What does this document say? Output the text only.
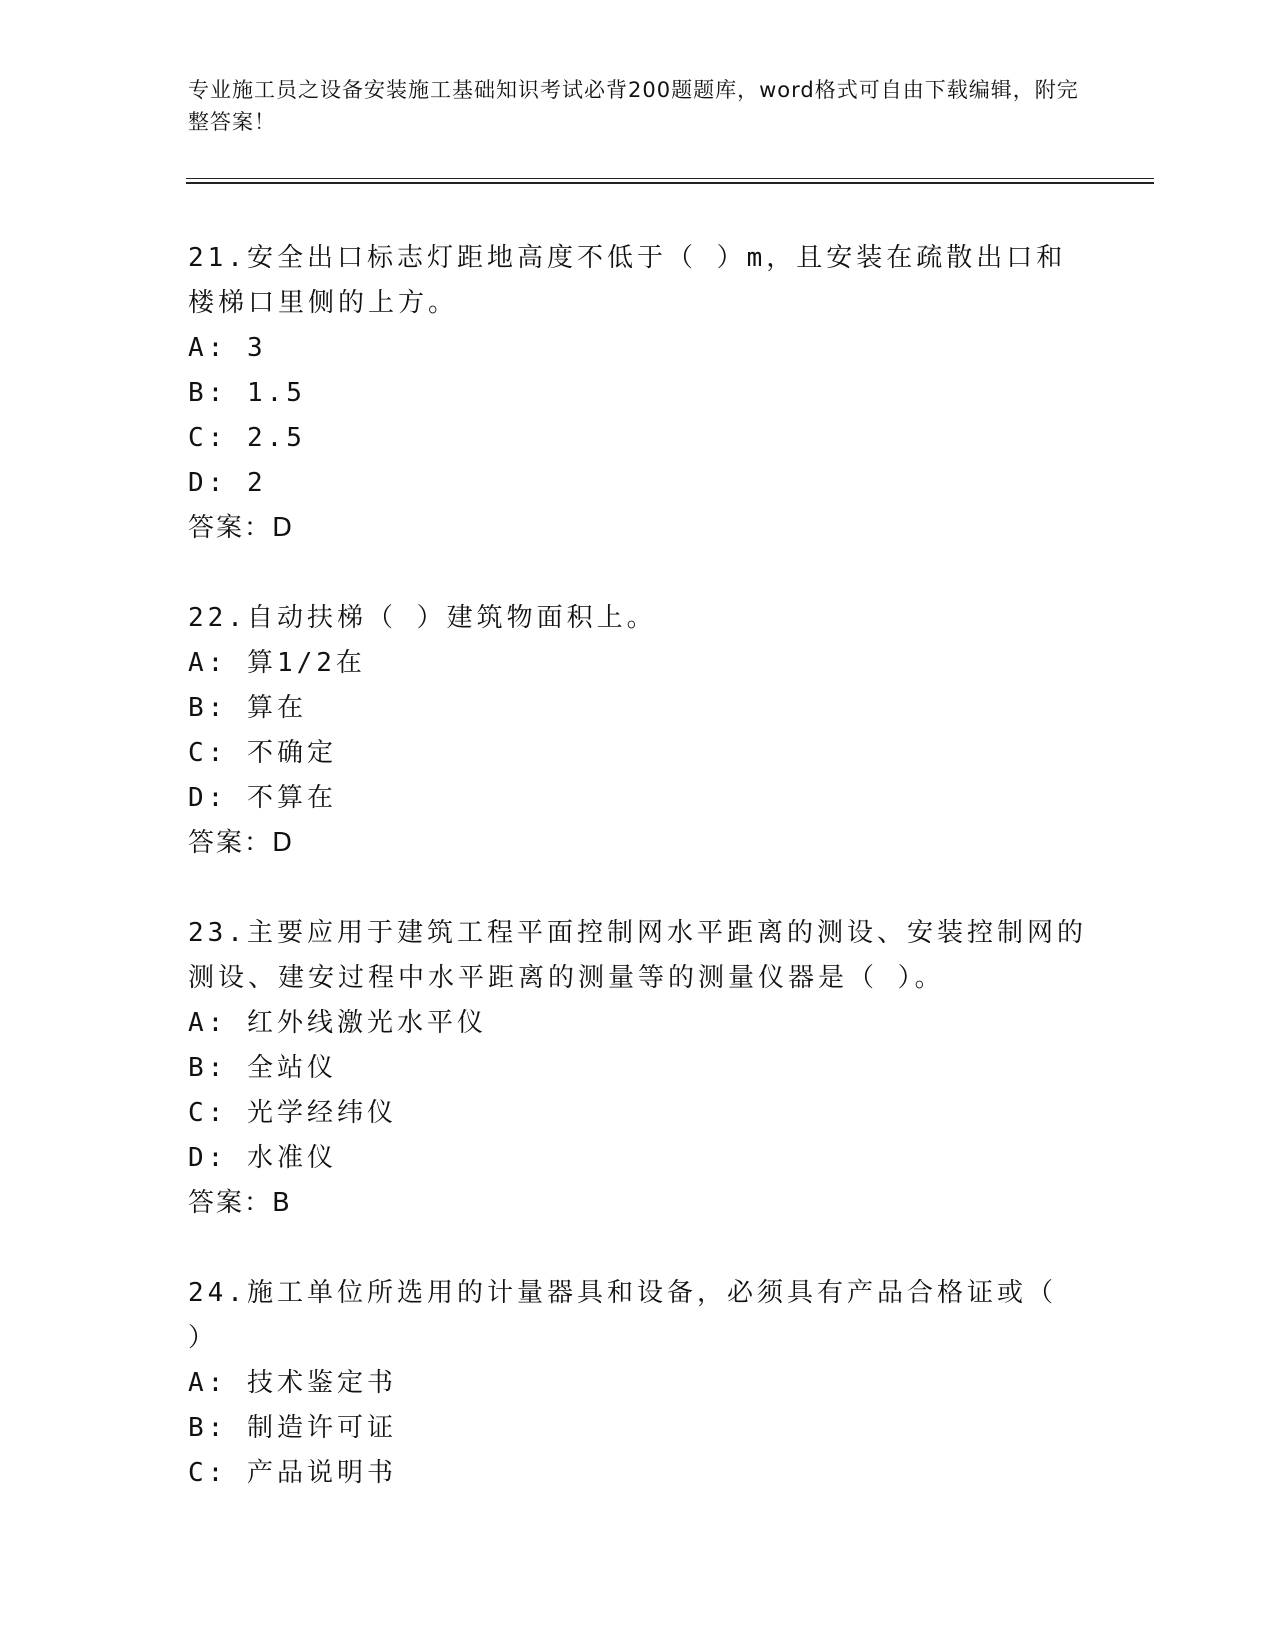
专业施工员之设备安装施工基础知识考试必背200题题库，word格式可自由下载编辑，附完整答案！
21.安全出口标志灯距地高度不低于（ ）m，且安装在疏散出口和楼梯口里侧的上方。
A: 3
B: 1.5
C: 2.5
D: 2
答案：D
22.自动扶梯（ ）建筑物面积上。
A: 算1/2在
B: 算在
C: 不确定
D: 不算在
答案：D
23.主要应用于建筑工程平面控制网水平距离的测设、安装控制网的测设、建安过程中水平距离的测量等的测量仪器是（ ）。
A: 红外线激光水平仪
B: 全站仪
C: 光学经纬仪
D: 水准仪
答案：B
24.施工单位所选用的计量器具和设备，必须具有产品合格证或（ ）
A: 技术鉴定书
B: 制造许可证
C: 产品说明书
